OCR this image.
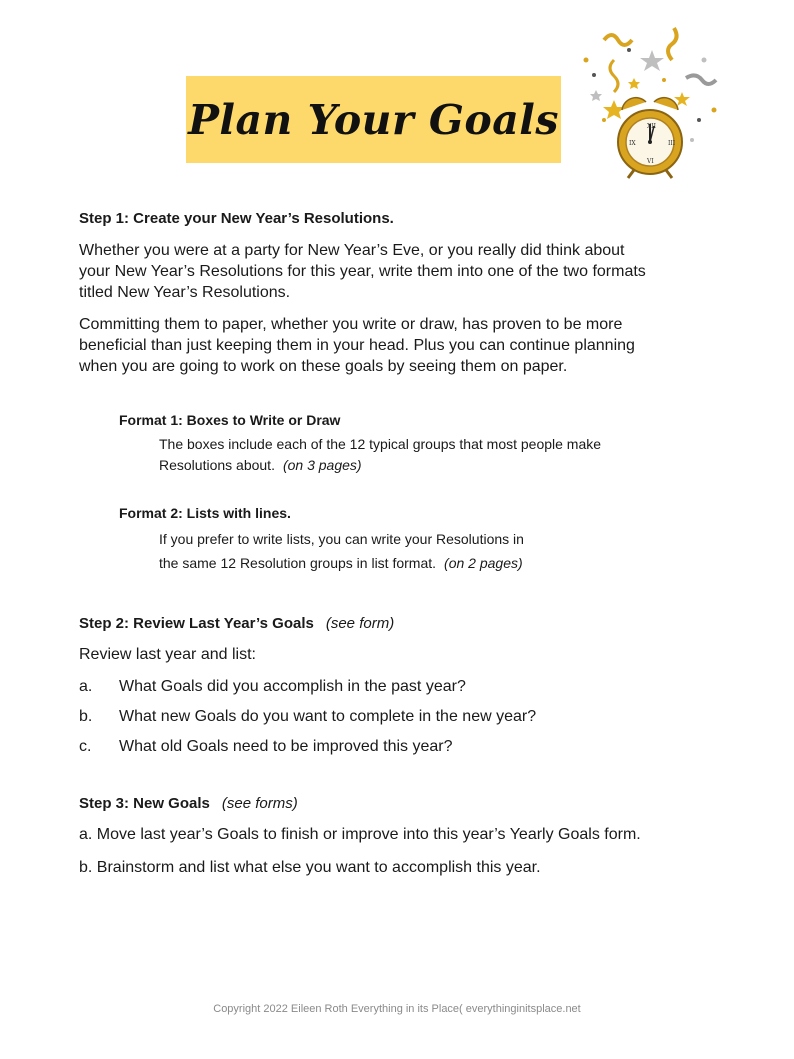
Plan Your Goals	XII
III
IX
VI
Step 1: Create your New Year’s Resolutions.

Whether you were at a party for New Year’s Eve, or you really did think about

your New Year’s Resolutions for this year, write them into one of the two formats

titled New Year’s Resolutions.

Committing them to paper, whether you write or draw, has proven to be more

beneficial than just keeping them in your head. Plus you can continue planning

when you are going to work on these goals by seeing them on paper.

Format 1: Boxes to Write or Draw
The boxes include each of the 12 typical groups that most people make
Resolutions about. (on 3 pages)
Format 2: Lists with lines.
If you prefer to write lists, you can write your Resolutions in
the same 12 Resolution groups in list format. (on 2 pages)
Step 2: Review Last Year’s Goals (see form)

Review last year and list:

a.	What Goals did you accomplish in the past year?
b.	What new Goals do you want to complete in the new year?
c.	What old Goals need to be improved this year?
Step 3: New Goals (see forms)

a. Move last year’s Goals to finish or improve into this year’s Yearly Goals form.

b. Brainstorm and list what else you want to accomplish this year.

Copyright 2022 Eileen Roth Everything in its Place( everythinginitsplace.net
